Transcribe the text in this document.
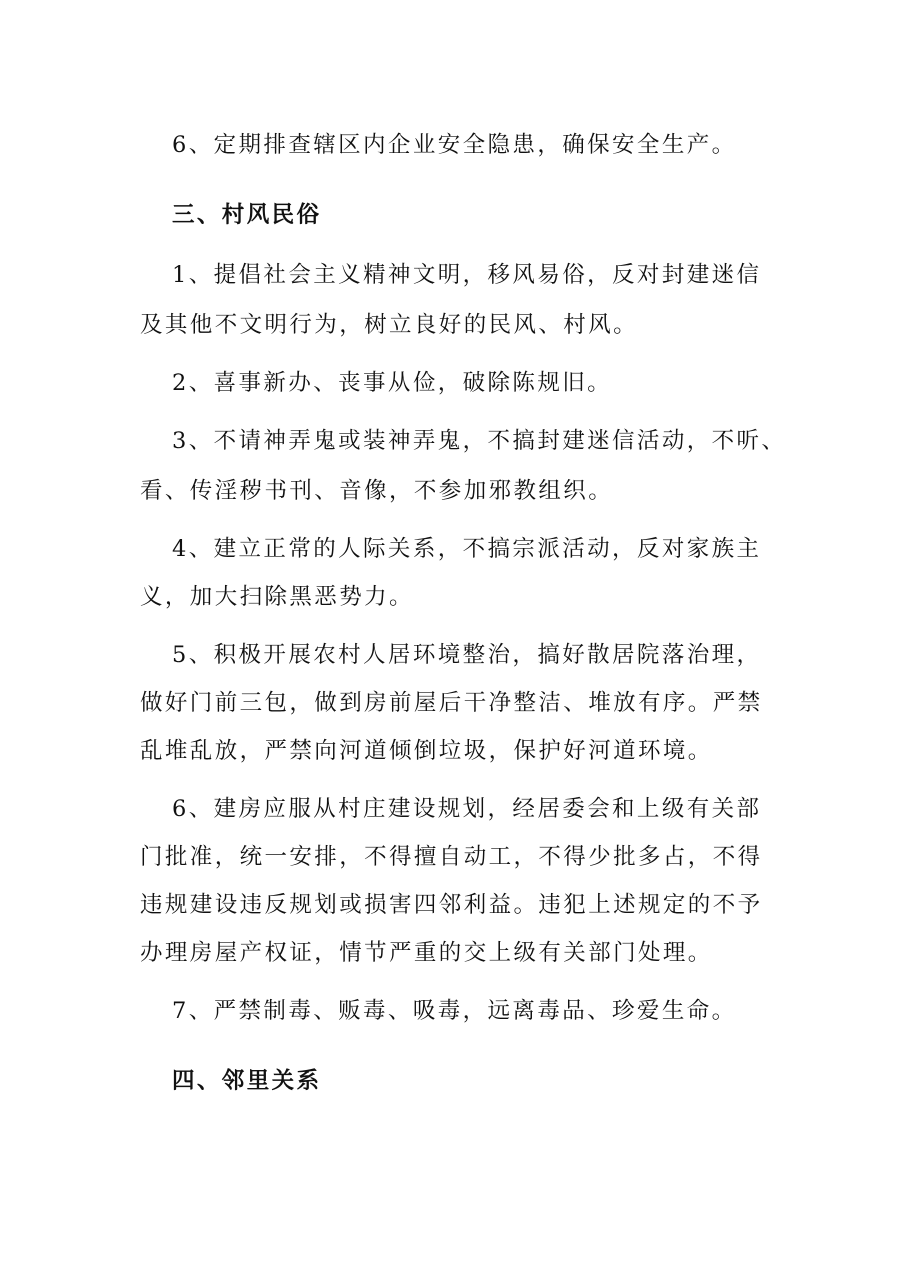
6、定期排查辖区内企业安全隐患，确保安全生产。
三、村风民俗
1、提倡社会主义精神文明，移风易俗，反对封建迷信
及其他不文明行为，树立良好的民风、村风。
2、喜事新办、丧事从俭，破除陈规旧。
3、不请神弄鬼或装神弄鬼，不搞封建迷信活动，不听、
看、传淫秽书刊、音像，不参加邪教组织。
4、建立正常的人际关系，不搞宗派活动，反对家族主
义，加大扫除黑恶势力。
5、积极开展农村人居环境整治，搞好散居院落治理，
做好门前三包，做到房前屋后干净整洁、堆放有序。严禁
乱堆乱放，严禁向河道倾倒垃圾，保护好河道环境。
6、建房应服从村庄建设规划，经居委会和上级有关部
门批准，统一安排，不得擅自动工，不得少批多占，不得
违规建设违反规划或损害四邻利益。违犯上述规定的不予
办理房屋产权证，情节严重的交上级有关部门处理。
7、严禁制毒、贩毒、吸毒，远离毒品、珍爱生命。
四、邻里关系
